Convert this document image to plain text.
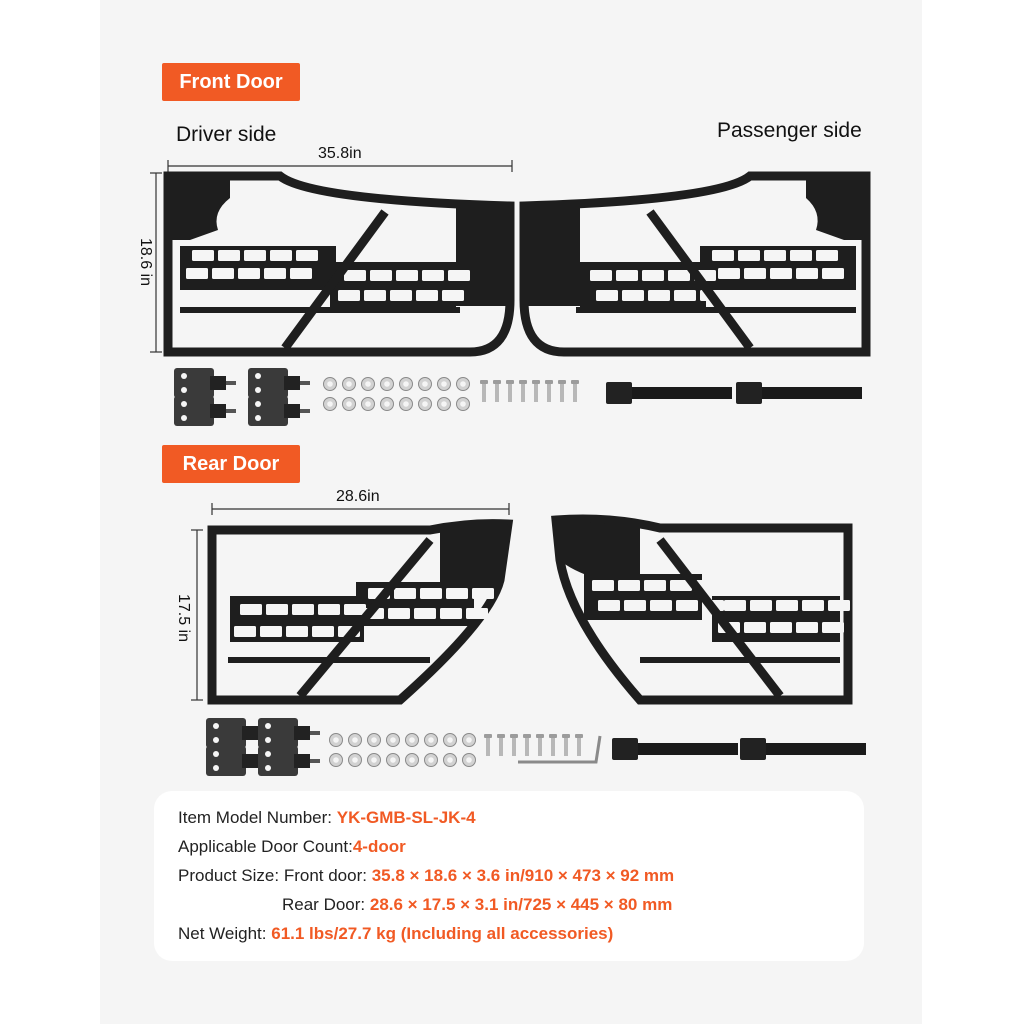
Front Door
Rear Door
Driver side	Passenger side
35.8in
18.6 in
28.6in
17.5 in
Item Model Number: YK-GMB-SL-JK-4
Applicable Door Count:4-door
Product Size: Front door: 35.8 × 18.6 × 3.6 in/910 × 473 × 92 mm
Rear Door: 28.6 × 17.5 × 3.1 in/725 × 445 × 80 mm
Net Weight: 61.1 lbs/27.7 kg (Including all accessories)
